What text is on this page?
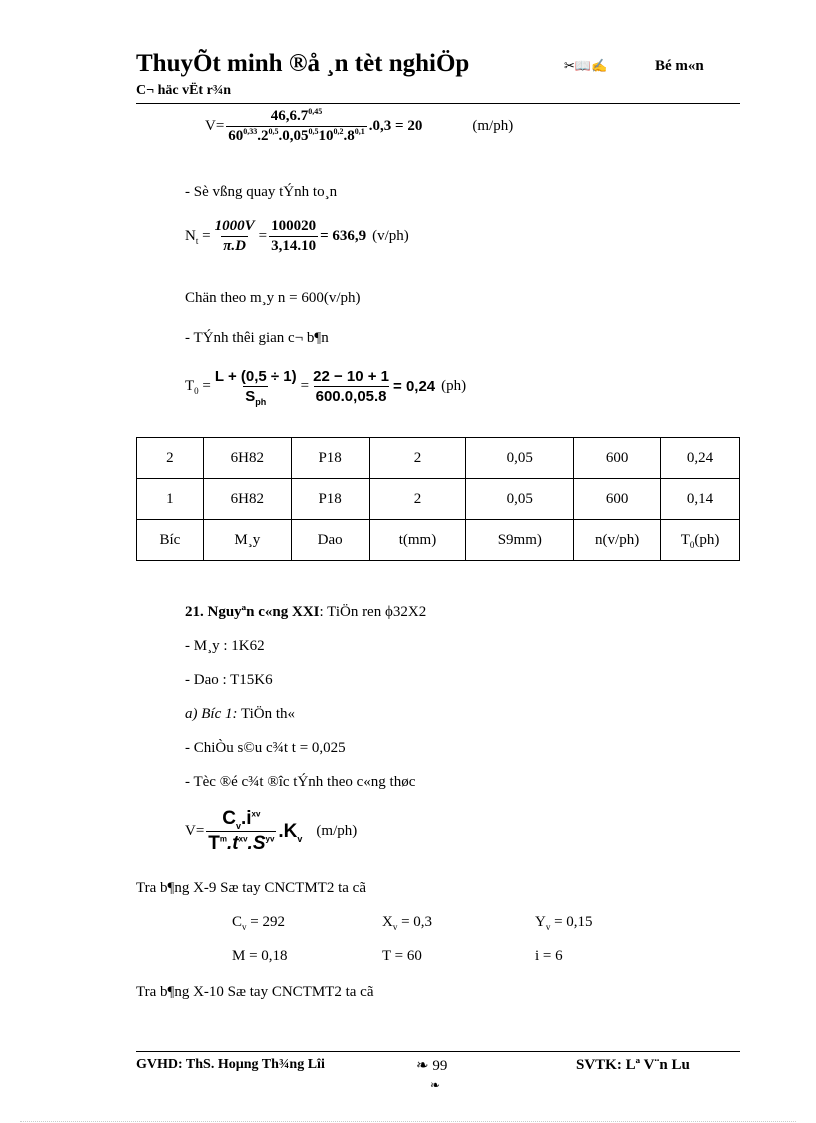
ThuyÕt minh ®å ¸n tèt nghiÖp	✂📖✍	Bé m«n
C¬ häc vËt r¾n
$V= \frac{46,6.7^{0,45}}{60^{0,33}.2^{0,5}.0,05^{0,5}10^{0,2}.8^{0,1}} .0,3 = 20$	(m/ph)
- Sè vßng quay tÝnh to¸n
$N_t = \frac{1000V}{\pi.D} = \frac{100020}{3,14.10} = 636,9$ (v/ph)
Chän theo m¸y n = 600(v/ph)
- TÝnh thêi gian c¬ b¶n
$T_0 = \frac{L + (0,5 \div 1)}{S_{ph}} = \frac{22 - 10 + 1}{600.0,05.8} = 0,24$ (ph)
2	6H82	P18	2	0,05	600	0,24
1	6H82	P18	2	0,05	600	0,14
Bíc	M¸y	Dao	t(mm)	S9mm)	n(v/ph)	$T_0(ph)$
21. Nguyªn c«ng XXI: TiÖn ren ϕ32X2
- M¸y : 1K62
- Dao : T15K6
a) Bíc 1: TiÖn th«
- ChiÒu s©u c¾t t = 0,025
- Tèc ®é c¾t ®îc tÝnh theo c«ng thøc
$V= \frac{C_v.i^{xv}}{T^m.t^{xv}.S^{yv}} .K_v$ (m/ph)
Tra b¶ng X-9 Sæ tay CNCTMT2 ta cã
$C_v = 292$	$X_v = 0,3$	$Y_v = 0,15$
M = 0,18	T = 60	i = 6
Tra b¶ng X-10 Sæ tay CNCTMT2 ta cã
GVHD: ThS. Hoµng Th¾ng Lîi	❧ 99	SVTK: Lª V¨n Lu
❧
